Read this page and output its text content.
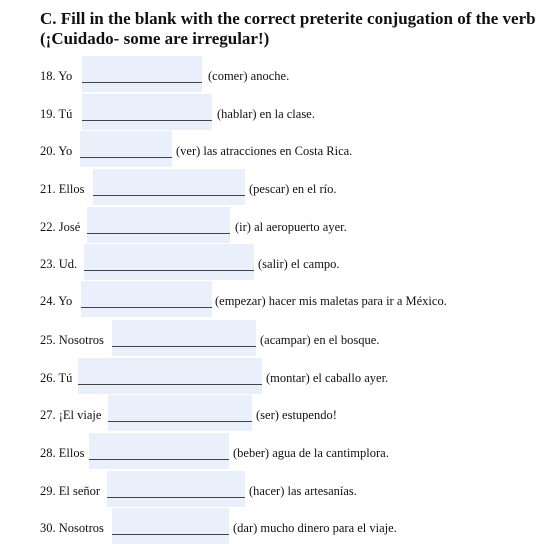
C. Fill in the blank with the correct preterite conjugation of the verb
(¡Cuidado- some are irregular!)
18. Yo	(comer) anoche.
19. Tú	(hablar) en la clase.
20. Yo	(ver) las atracciones en Costa Rica.
21. Ellos	(pescar) en el río.
22. José	(ir) al aeropuerto ayer.
23. Ud.	(salir) el campo.
24. Yo	(empezar) hacer mis maletas para ir a México.
25. Nosotros	(acampar) en el bosque.
26. Tú	(montar) el caballo ayer.
27. ¡El viaje	(ser) estupendo!
28. Ellos	(beber) agua de la cantimplora.
29. El señor	(hacer) las artesanías.
30. Nosotros	(dar) mucho dinero para el viaje.
